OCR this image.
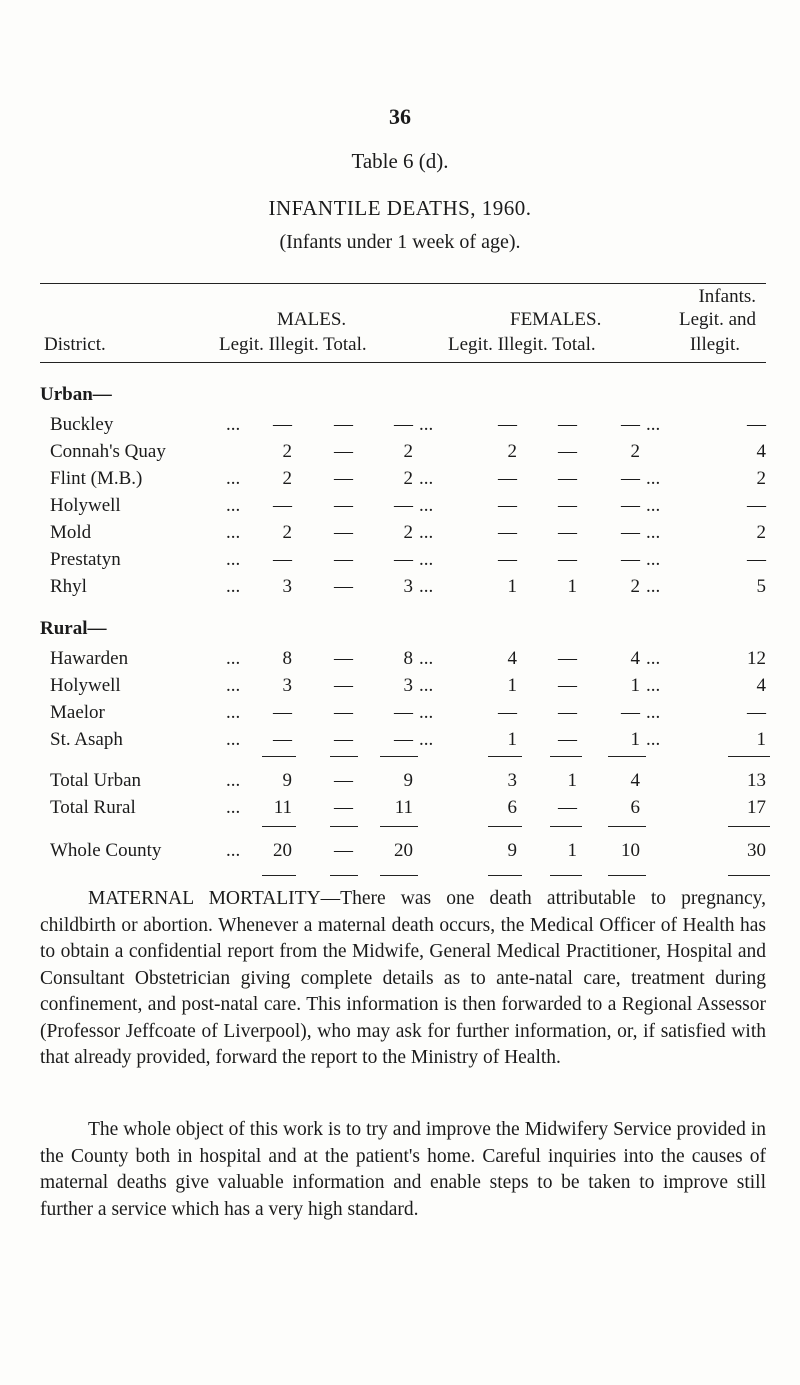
36
Table 6 (d).
INFANTILE DEATHS, 1960.
(Infants under 1 week of age).
Infants.
MALES.	FEMALES.	Legit. and
District.	Legit. Illegit. Total.	Legit. Illegit. Total.	Illegit.
Urban—
Buckley	...	—	—	— ...	—	—	— ...	—
Connah's Quay	2	—	2	2	—	2	4
Flint (M.B.)	...	2	—	2 ...	—	—	— ...	2
Holywell	...	—	—	— ...	—	—	— ...	—
Mold	...	2	—	2 ...	—	—	— ...	2
Prestatyn	...	—	—	— ...	—	—	— ...	—
Rhyl	...	3	—	3 ...	1	1	2 ...	5
Rural—
Hawarden	...	8	—	8 ...	4	—	4 ...	12
Holywell	...	3	—	3 ...	1	—	1 ...	4
Maelor	...	—	—	— ...	—	—	— ...	—
St. Asaph	...	—	—	— ...	1	—	1 ...	1
Total Urban	...	9	—	9	3	1	4	13
Total Rural	...	11	—	11	6	—	6	17
Whole County	...	20	—	20	9	1	10	30
MATERNAL MORTALITY—There was one death attributable to pregnancy, childbirth or abortion. Whenever a maternal death occurs, the Medical Officer of Health has to obtain a confidential report from the Midwife, General Medical Practitioner, Hospital and Consultant Obstetrician giving complete details as to ante-natal care, treatment during confinement, and post-natal care. This information is then forwarded to a Regional Assessor (Professor Jeffcoate of Liverpool), who may ask for further information, or, if satisfied with that already provided, forward the report to the Ministry of Health.
The whole object of this work is to try and improve the Midwifery Service provided in the County both in hospital and at the patient's home. Careful inquiries into the causes of maternal deaths give valuable information and enable steps to be taken to improve still further a service which has a very high standard.
